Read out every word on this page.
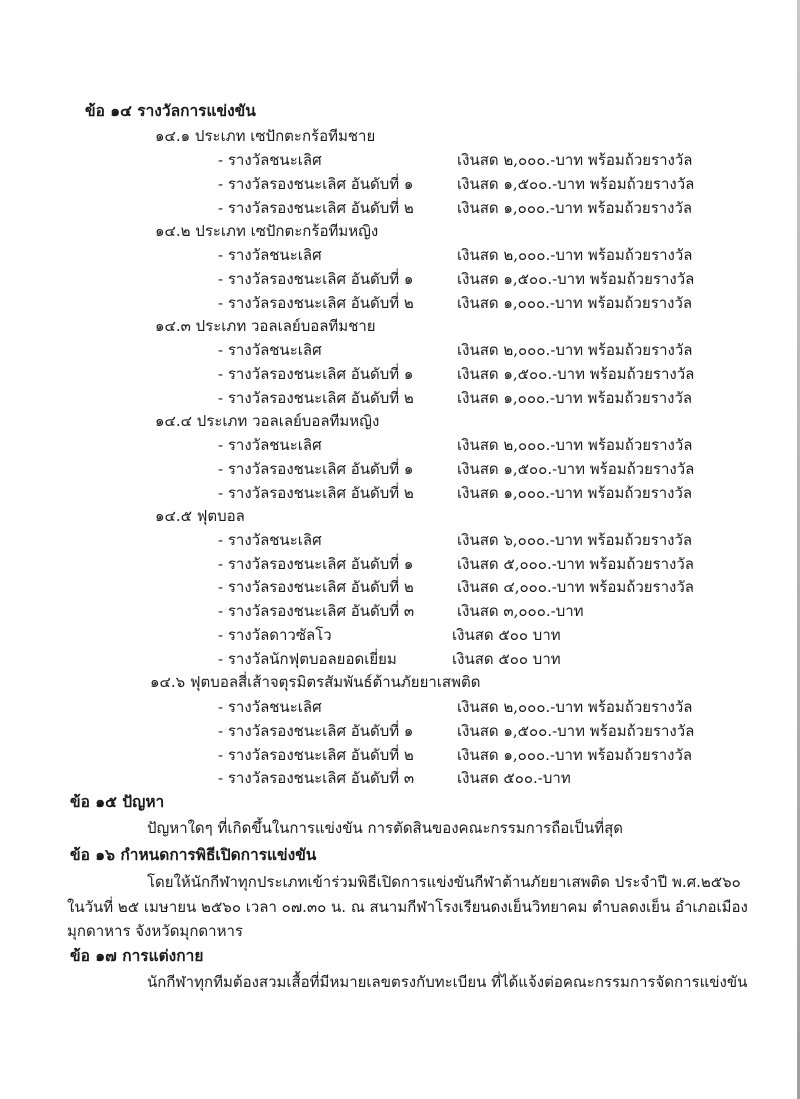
ข้อ ๑๔ รางวัลการแข่งขัน
๑๔.๑ ประเภท เซปักตะกร้อทีมชาย
- รางวัลชนะเลิศ	เงินสด ๒,๐๐๐.-บาท พร้อมถ้วยรางวัล
- รางวัลรองชนะเลิศ อันดับที่ ๑	เงินสด ๑,๕๐๐.-บาท พร้อมถ้วยรางวัล
- รางวัลรองชนะเลิศ อันดับที่ ๒	เงินสด ๑,๐๐๐.-บาท พร้อมถ้วยรางวัล
๑๔.๒ ประเภท เซปักตะกร้อทีมหญิง
- รางวัลชนะเลิศ	เงินสด ๒,๐๐๐.-บาท พร้อมถ้วยรางวัล
- รางวัลรองชนะเลิศ อันดับที่ ๑	เงินสด ๑,๕๐๐.-บาท พร้อมถ้วยรางวัล
- รางวัลรองชนะเลิศ อันดับที่ ๒	เงินสด ๑,๐๐๐.-บาท พร้อมถ้วยรางวัล
๑๔.๓ ประเภท วอลเลย์บอลทีมชาย
- รางวัลชนะเลิศ	เงินสด ๒,๐๐๐.-บาท พร้อมถ้วยรางวัล
- รางวัลรองชนะเลิศ อันดับที่ ๑	เงินสด ๑,๕๐๐.-บาท พร้อมถ้วยรางวัล
- รางวัลรองชนะเลิศ อันดับที่ ๒	เงินสด ๑,๐๐๐.-บาท พร้อมถ้วยรางวัล
๑๔.๔ ประเภท วอลเลย์บอลทีมหญิง
- รางวัลชนะเลิศ	เงินสด ๒,๐๐๐.-บาท พร้อมถ้วยรางวัล
- รางวัลรองชนะเลิศ อันดับที่ ๑	เงินสด ๑,๕๐๐.-บาท พร้อมถ้วยรางวัล
- รางวัลรองชนะเลิศ อันดับที่ ๒	เงินสด ๑,๐๐๐.-บาท พร้อมถ้วยรางวัล
๑๔.๕ ฟุตบอล
- รางวัลชนะเลิศ	เงินสด ๖,๐๐๐.-บาท พร้อมถ้วยรางวัล
- รางวัลรองชนะเลิศ อันดับที่ ๑	เงินสด ๕,๐๐๐.-บาท พร้อมถ้วยรางวัล
- รางวัลรองชนะเลิศ อันดับที่ ๒	เงินสด ๔,๐๐๐.-บาท พร้อมถ้วยรางวัล
- รางวัลรองชนะเลิศ อันดับที่ ๓	เงินสด ๓,๐๐๐.-บาท
- รางวัลดาวซัลโว	เงินสด ๕๐๐ บาท
- รางวัลนักฟุตบอลยอดเยี่ยม	เงินสด ๕๐๐ บาท
๑๔.๖ ฟุตบอลสี่เส้าจตุรมิตรสัมพันธ์ต้านภัยยาเสพติด
- รางวัลชนะเลิศ	เงินสด ๒,๐๐๐.-บาท พร้อมถ้วยรางวัล
- รางวัลรองชนะเลิศ อันดับที่ ๑	เงินสด ๑,๕๐๐.-บาท พร้อมถ้วยรางวัล
- รางวัลรองชนะเลิศ อันดับที่ ๒	เงินสด ๑,๐๐๐.-บาท พร้อมถ้วยรางวัล
- รางวัลรองชนะเลิศ อันดับที่ ๓	เงินสด ๕๐๐.-บาท
ข้อ ๑๕ ปัญหา
ปัญหาใดๆ ที่เกิดขึ้นในการแข่งขัน การตัดสินของคณะกรรมการถือเป็นที่สุด
ข้อ ๑๖ กำหนดการพิธีเปิดการแข่งขัน
โดยให้นักกีฬาทุกประเภทเข้าร่วมพิธีเปิดการแข่งขันกีฬาต้านภัยยาเสพติด ประจำปี พ.ศ.๒๕๖๐
ในวันที่ ๒๕ เมษายน ๒๕๖๐ เวลา ๐๗.๓๐ น. ณ สนามกีฬาโรงเรียนดงเย็นวิทยาคม ตำบลดงเย็น อำเภอเมือง
มุกดาหาร จังหวัดมุกดาหาร
ข้อ ๑๗ การแต่งกาย
นักกีฬาทุกทีมต้องสวมเสื้อที่มีหมายเลขตรงกับทะเบียน ที่ได้แจ้งต่อคณะกรรมการจัดการแข่งขัน
